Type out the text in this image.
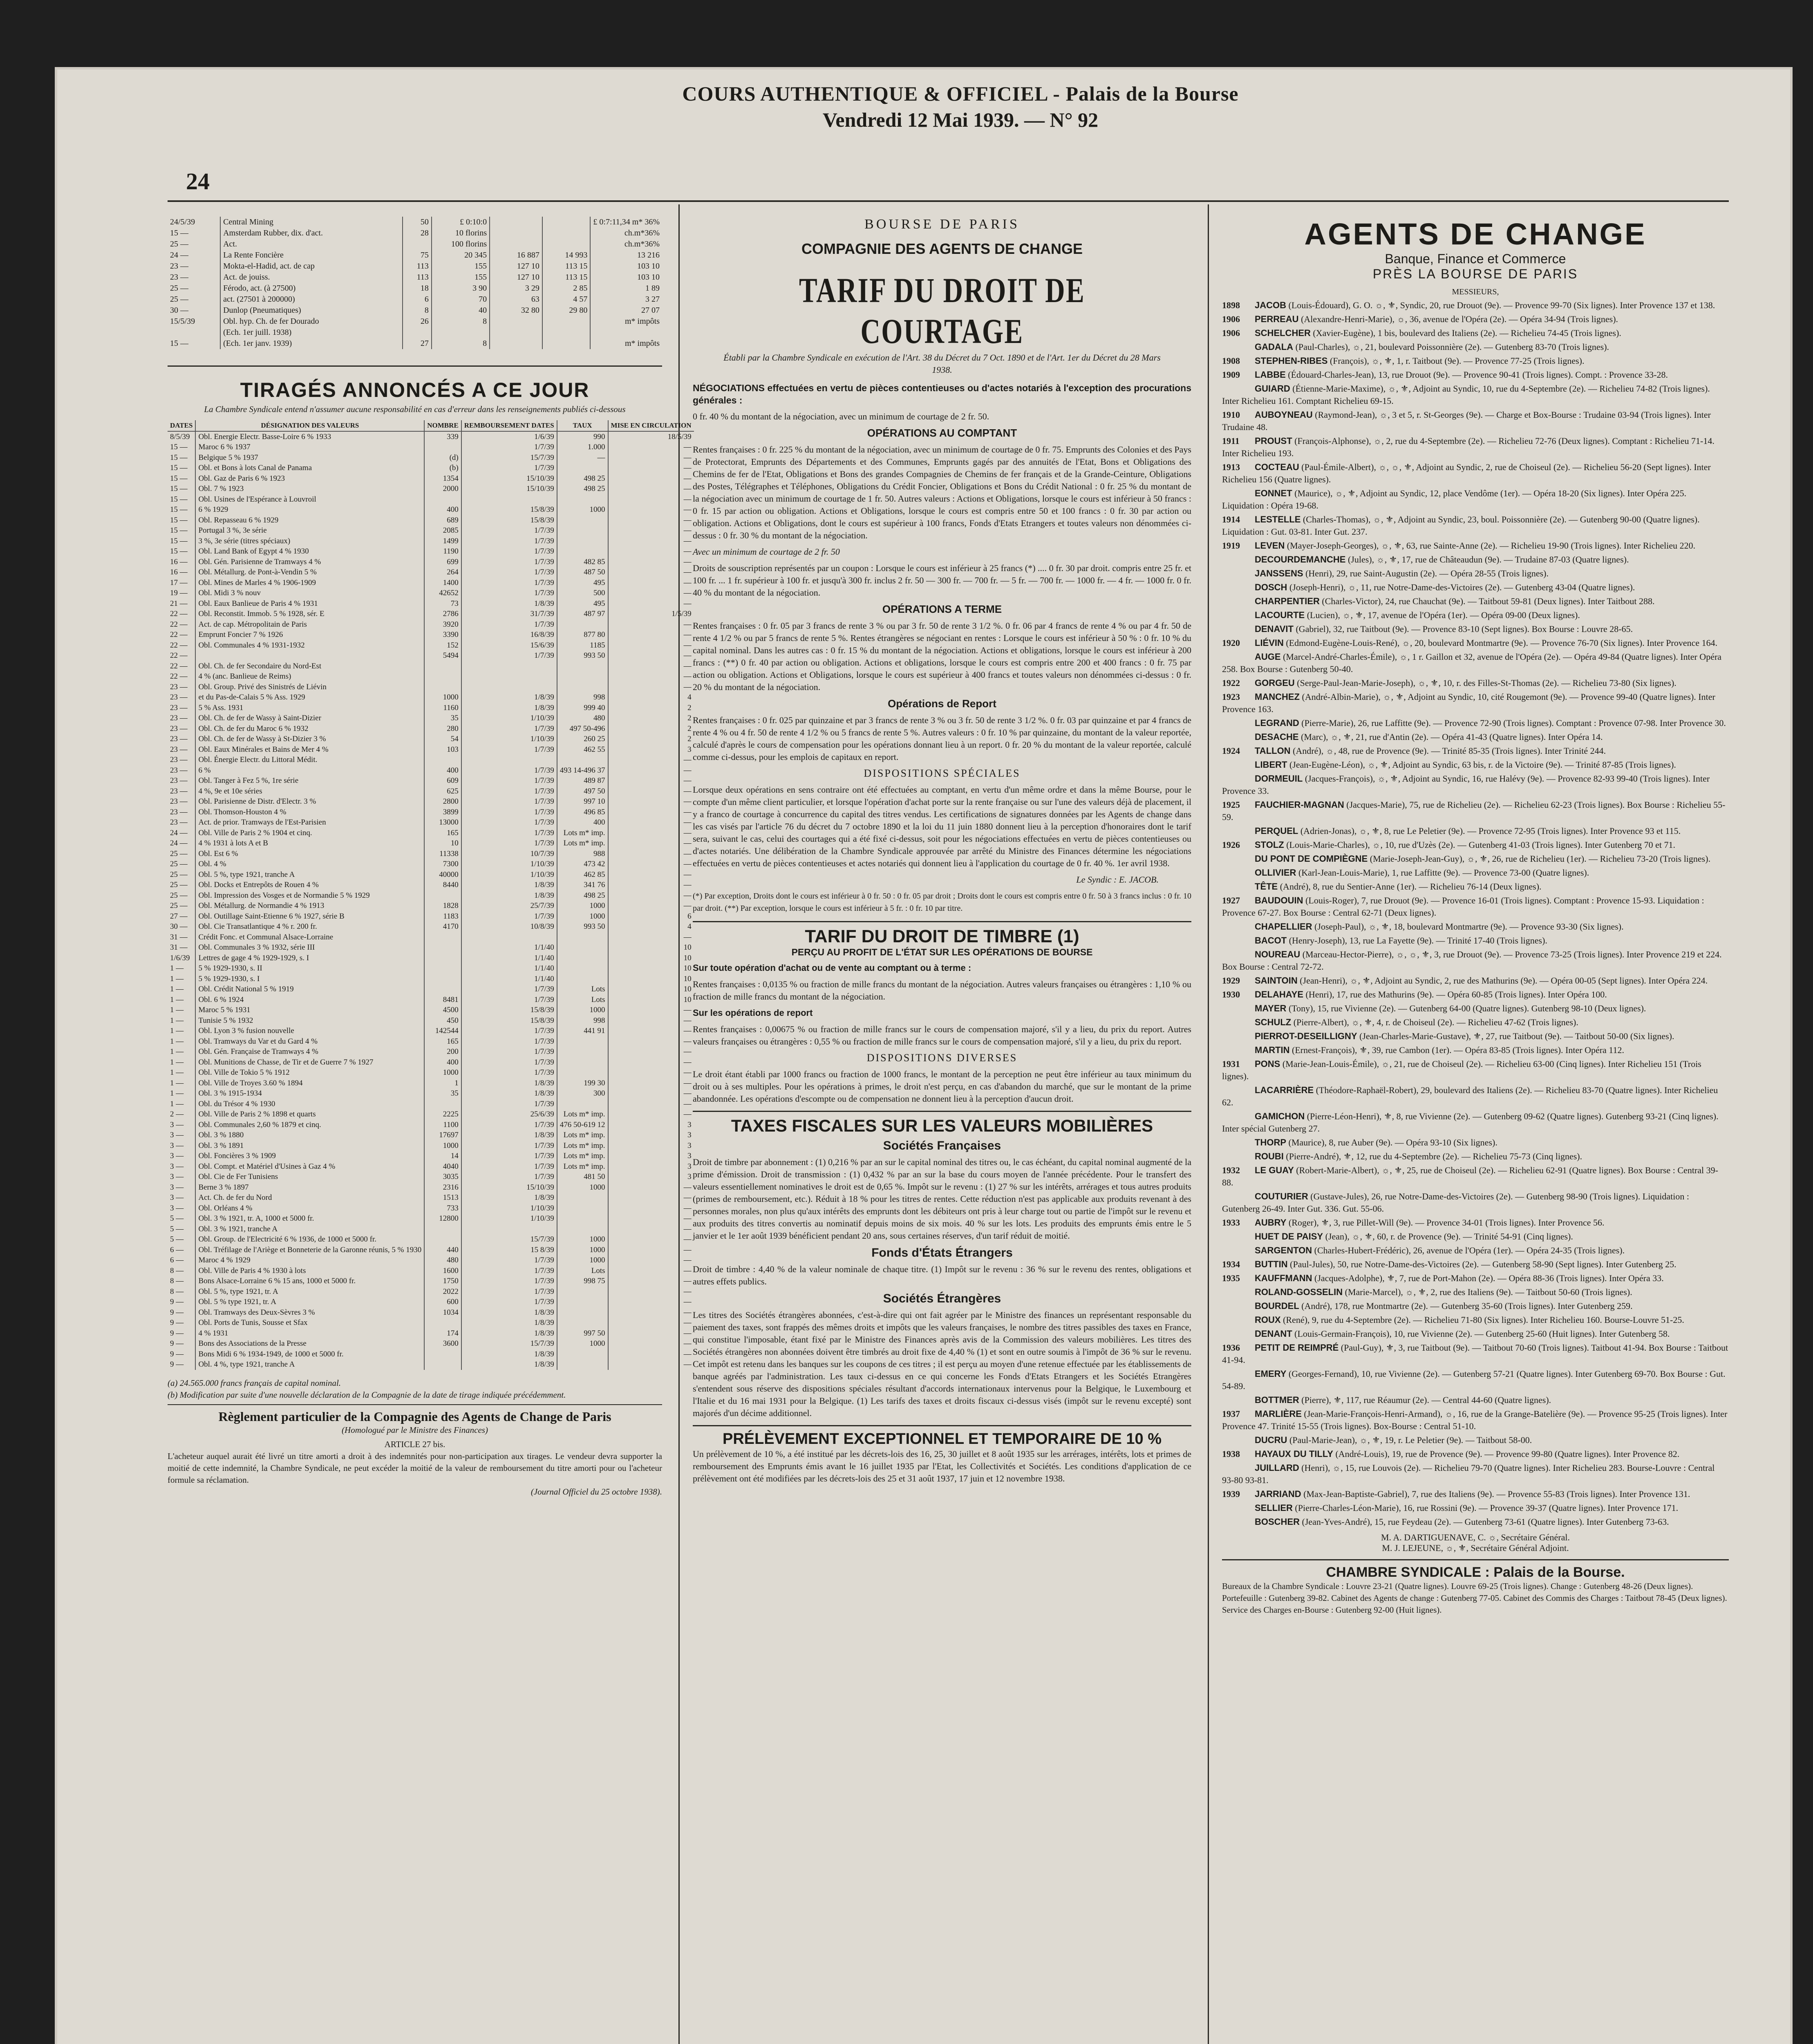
24
COURS AUTHENTIQUE & OFFICIEL - Palais de la Bourse
Vendredi 12 Mai 1939. — N° 92
24/5/39	Central Mining	50	£ 0:10:0			£ 0:7:11,34 m* 36%
15 —	Amsterdam Rubber, dix. d'act.	28	10 florins			ch.m*36%
25 —	Act.		100 florins			ch.m*36%
24 —	La Rente Foncière	75	20 345	16 887	14 993	13 216
23 —	Mokta-el-Hadid, act. de cap	113	155	127 10	113 15	103 10
23 —	Act. de jouiss.	113	155	127 10	113 15	103 10
25 —	Férodo, act. (à 27500)	18	3 90	3 29	2 85	1 89
25 —	act. (27501 à 200000)	6	70	63	4 57	3 27
30 —	Dunlop (Pneumatiques)	8	40	32 80	29 80	27 07

15/5/39	Obl. hyp. Ch. de fer Dourado	26	8			m* impôts
	(Ech. 1er juill. 1938)					
15 —	(Ech. 1er janv. 1939)	27	8			m* impôts
TIRAGÉS ANNONCÉS A CE JOUR
La Chambre Syndicale entend n'assumer aucune responsabilité en cas d'erreur dans les renseignements publiés ci-dessous
DATES	DÉSIGNATION DES VALEURS	NOMBRE	REMBOURSEMENT DATES	TAUX	MISE EN CIRCULATION
8/5/39	Obl. Energie Electr. Basse-Loire 6 % 1933	339	1/6/39	990	18/5/39
15 —	Maroc 6 % 1937		1/7/39	1.000	—
15 —	Belgique 5 % 1937	(d)	15/7/39	—	—
15 —	Obl. et Bons à lots Canal de Panama	(b)	1/7/39		—
15 —	Obl. Gaz de Paris 6 % 1923	1354	15/10/39	498 25	—
15 —	Obl. 7 % 1923	2000	15/10/39	498 25	—
15 —	Obl. Usines de l'Espérance à Louvroil				—
15 —	6 % 1929	400	15/8/39	1000	—
15 —	Obl. Repasseau 6 % 1929	689	15/8/39		—
15 —	Portugal 3 %, 3e série	2085	1/7/39		—
15 —	3 %, 3e série (titres spéciaux)	1499	1/7/39		—
15 —	Obl. Land Bank of Egypt 4 % 1930	1190	1/7/39		—
16 —	Obl. Gén. Parisienne de Tramways 4 %	699	1/7/39	482 85	—
16 —	Obl. Métallurg. de Pont-à-Vendin 5 %	264	1/7/39	487 50	—
17 —	Obl. Mines de Marles 4 % 1906-1909	1400	1/7/39	495	—
19 —	Obl. Midi 3 % nouv	42652	1/7/39	500	—
21 —	Obl. Eaux Banlieue de Paris 4 % 1931	73	1/8/39	495	—
22 —	Obl. Reconstit. Immob. 5 % 1928, sér. E	2786	31/7/39	487 97	1/5/39
22 —	Act. de cap. Métropolitain de Paris	3920	1/7/39		—
22 —	Emprunt Foncier 7 % 1926	3390	16/8/39	877 80	—
22 —	Obl. Communales 4 % 1931-1932	152	15/6/39	1185	—
22 —		5494	1/7/39	993 50	—
22 —	Obl. Ch. de fer Secondaire du Nord-Est				—
22 —	4 % (anc. Banlieue de Reims)				—
23 —	Obl. Group. Privé des Sinistrés de Liévin				—
23 —	et du Pas-de-Calais 5 % Ass. 1929	1000	1/8/39	998	4
23 —	5 % Ass. 1931	1160	1/8/39	999 40	2
23 —	Obl. Ch. de fer de Wassy à Saint-Dizier	35	1/10/39	480	2
23 —	Obl. Ch. de fer du Maroc 6 % 1932	280	1/7/39	497 50-496	2
23 —	Obl. Ch. de fer de Wassy à St-Dizier 3 %	54	1/10/39	260 25	2
23 —	Obl. Eaux Minérales et Bains de Mer 4 %	103	1/7/39	462 55	3
23 —	Obl. Énergie Electr. du Littoral Médit.				—
23 —	6 %	400	1/7/39	493 14-496 37	—
23 —	Obl. Tanger à Fez 5 %, 1re série	609	1/7/39	489 87	—
23 —	4 %, 9e et 10e séries	625	1/7/39	497 50	—
23 —	Obl. Parisienne de Distr. d'Electr. 3 %	2800	1/7/39	997 10	—
23 —	Obl. Thomson-Houston 4 %	3899	1/7/39	496 85	—
23 —	Act. de prior. Tramways de l'Est-Parisien	13000	1/7/39	400	—
24 —	Obl. Ville de Paris 2 % 1904 et cinq.	165	1/7/39	Lots m* imp.	—
24 —	4 % 1931 à lots A et B	10	1/7/39	Lots m* imp.	—
25 —	Obl. Est 6 %	11338	10/7/39	988	—
25 —	Obl. 4 %	7300	1/10/39	473 42	—
25 —	Obl. 5 %, type 1921, tranche A	40000	1/10/39	462 85	—
25 —	Obl. Docks et Entrepôts de Rouen 4 %	8440	1/8/39	341 76	—
25 —	Obl. Impression des Vosges et de Normandie 5 % 1929		1/8/39	498 25	—
25 —	Obl. Métallurg. de Normandie 4 % 1913	1828	25/7/39	1000	—
27 —	Obl. Outillage Saint-Etienne 6 % 1927, série B	1183	1/7/39	1000	6
30 —	Obl. Cie Transatlantique 4 % r. 200 fr.	4170	10/8/39	993 50	4
31 —	Crédit Fonc. et Communal Alsace-Lorraine				—
31 —	Obl. Communales 3 % 1932, série III		1/1/40		10
1/6/39	Lettres de gage 4 % 1929-1929, s. I		1/1/40		10
1 —	5 % 1929-1930, s. II		1/1/40		10
1 —	5 % 1929-1930, s. I		1/1/40		10
1 —	Obl. Crédit National 5 % 1919		1/7/39	Lots	10
1 —	Obl. 6 % 1924	8481	1/7/39	Lots	10
1 —	Maroc 5 % 1931	4500	15/8/39	1000	—
1 —	Tunisie 5 % 1932	450	15/8/39	998	—
1 —	Obl. Lyon 3 % fusion nouvelle	142544	1/7/39	441 91	—
1 —	Obl. Tramways du Var et du Gard 4 %	165	1/7/39		—
1 —	Obl. Gén. Française de Tramways 4 %	200	1/7/39		—
1 —	Obl. Munitions de Chasse, de Tir et de Guerre 7 % 1927	400	1/7/39		—
1 —	Obl. Ville de Tokio 5 % 1912	1000	1/7/39		—
1 —	Obl. Ville de Troyes 3.60 % 1894	1	1/8/39	199 30	—
1 —	Obl. 3 % 1915-1934	35	1/8/39	300	—
1 —	Obl. du Trésor 4 % 1930		1/7/39		—
2 —	Obl. Ville de Paris 2 % 1898 et quarts	2225	25/6/39	Lots m* imp.	—
3 —	Obl. Communales 2,60 % 1879 et cinq.	1100	1/7/39	476 50-619 12	3
3 —	Obl. 3 % 1880	17697	1/8/39	Lots m* imp.	3
3 —	Obl. 3 % 1891	1000	1/7/39	Lots m* imp.	3
3 —	Obl. Foncières 3 % 1909	14	1/7/39	Lots m* imp.	3
3 —	Obl. Compt. et Matériel d'Usines à Gaz 4 %	4040	1/7/39	Lots m* imp.	3
3 —	Obl. Cie de Fer Tunisiens	3035	1/7/39	481 50	3
3 —	Berne 3 % 1897	2316	15/10/39	1000	—
3 —	Act. Ch. de fer du Nord	1513	1/8/39		—
3 —	Obl. Orléans 4 %	733	1/10/39		—
5 —	Obl. 3 % 1921, tr. A, 1000 et 5000 fr.	12800	1/10/39		—
5 —	Obl. 3 % 1921, tranche A				—
5 —	Obl. Group. de l'Electricité 6 % 1936, de 1000 et 5000 fr.		15/7/39	1000	—
6 —	Obl. Tréfilage de l'Ariège et Bonneterie de la Garonne réunis, 5 % 1930	440	15 8/39	1000	—
6 —	Maroc 4 % 1929	480	1/7/39	1000	—
8 —	Obl. Ville de Paris 4 % 1930 à lots	1600	1/7/39	Lots	—
8 —	Bons Alsace-Lorraine 6 % 15 ans, 1000 et 5000 fr.	1750	1/7/39	998 75	—
8 —	Obl. 5 %, type 1921, tr. A	2022	1/7/39		—
9 —	Obl. 5 % type 1921, tr. A	600	1/7/39		—
9 —	Obl. Tramways des Deux-Sèvres 3 %	1034	1/8/39		—
9 —	Obl. Ports de Tunis, Sousse et Sfax		1/8/39		—
9 —	4 % 1931	174	1/8/39	997 50	—
9 —	Bons des Associations de la Presse	3600	15/7/39	1000	—
9 —	Bons Midi 6 % 1934-1949, de 1000 et 5000 fr.		1/8/39		—
9 —	Obl. 4 %, type 1921, tranche A		1/8/39		—
(a) 24.565.000 francs français de capital nominal.
(b) Modification par suite d'une nouvelle déclaration de la Compagnie de la date de tirage indiquée précédemment.
Règlement particulier de la Compagnie des Agents de Change de Paris
(Homologué par le Ministre des Finances)
ARTICLE 27 bis.
L'acheteur auquel aurait été livré un titre amorti a droit à des indemnités pour non-participation aux tirages. Le vendeur devra supporter la moitié de cette indemnité, la Chambre Syndicale, ne peut excéder la moitié de la valeur de remboursement du titre amorti pour ou l'acheteur formule sa réclamation.
(Journal Officiel du 25 octobre 1938).
BOURSE DE PARIS
COMPAGNIE DES AGENTS DE CHANGE
TARIF DU DROIT DE COURTAGE
Établi par la Chambre Syndicale en exécution de l'Art. 38 du Décret du 7 Oct. 1890 et de l'Art. 1er du Décret du 28 Mars 1938.

NÉGOCIATIONS effectuées en vertu de pièces contentieuses ou d'actes notariés à l'exception des procurations générales :

0 fr. 40 % du montant de la négociation, avec un minimum de courtage de 2 fr. 50.

OPÉRATIONS AU COMPTANT

Rentes françaises : 0 fr. 225 % du montant de la négociation, avec un minimum de courtage de 0 fr. 75. Emprunts des Colonies et des Pays de Protectorat, Emprunts des Départements et des Communes, Emprunts gagés par des annuités de l'Etat, Bons et Obligations des Chemins de fer de l'Etat, Obligations et Bons des grandes Compagnies de Chemins de fer français et de la Grande-Ceinture, Obligations des Postes, Télégraphes et Téléphones, Obligations du Crédit Foncier, Obligations et Bons du Crédit National : 0 fr. 25 % du montant de la négociation avec un minimum de courtage de 1 fr. 50. Autres valeurs : Actions et Obligations, lorsque le cours est inférieur à 50 francs : 0 fr. 15 par action ou obligation. Actions et Obligations, lorsque le cours est compris entre 50 et 100 francs : 0 fr. 30 par action ou obligation. Actions et Obligations, dont le cours est supérieur à 100 francs, Fonds d'Etats Etrangers et toutes valeurs non dénommées ci-dessus : 0 fr. 30 % du montant de la négociation.

Avec un minimum de courtage de 2 fr. 50

Droits de souscription représentés par un coupon : Lorsque le cours est inférieur à 25 francs (*) .... 0 fr. 30 par droit. compris entre 25 fr. et 100 fr. ... 1 fr. supérieur à 100 fr. et jusqu'à 300 fr. inclus 2 fr. 50 — 300 fr. — 700 fr. — 5 fr. — 700 fr. — 1000 fr. — 4 fr. — 1000 fr. 0 fr. 40 % du montant de la négociation.

OPÉRATIONS A TERME

Rentes françaises : 0 fr. 05 par 3 francs de rente 3 % ou par 3 fr. 50 de rente 3 1/2 %. 0 fr. 06 par 4 francs de rente 4 % ou par 4 fr. 50 de rente 4 1/2 % ou par 5 francs de rente 5 %. Rentes étrangères se négociant en rentes : Lorsque le cours est inférieur à 50 % : 0 fr. 10 % du capital nominal. Dans les autres cas : 0 fr. 15 % du montant de la négociation. Actions et obligations, lorsque le cours est inférieur à 200 francs : (**) 0 fr. 40 par action ou obligation. Actions et obligations, lorsque le cours est compris entre 200 et 400 francs : 0 fr. 75 par action ou obligation. Actions et Obligations, lorsque le cours est supérieur à 400 francs et toutes valeurs non dénommées ci-dessus : 0 fr. 20 % du montant de la négociation.

Opérations de Report

Rentes françaises : 0 fr. 025 par quinzaine et par 3 francs de rente 3 % ou 3 fr. 50 de rente 3 1/2 %. 0 fr. 03 par quinzaine et par 4 francs de rente 4 % ou 4 fr. 50 de rente 4 1/2 % ou 5 francs de rente 5 %. Autres valeurs : 0 fr. 10 % par quinzaine, du montant de la valeur reportée, calculé d'après le cours de compensation pour les opérations donnant lieu à un report. 0 fr. 20 % du montant de la valeur reportée, calculé comme ci-dessus, pour les emplois de capitaux en report.

DISPOSITIONS SPÉCIALES

Lorsque deux opérations en sens contraire ont été effectuées au comptant, en vertu d'un même ordre et dans la même Bourse, pour le compte d'un même client particulier, et lorsque l'opération d'achat porte sur la rente française ou sur l'une des valeurs déjà de placement, il y a franco de courtage à concurrence du capital des titres vendus. Les certifications de signatures données par les Agents de change dans les cas visés par l'article 76 du décret du 7 octobre 1890 et la loi du 11 juin 1880 donnent lieu à la perception d'honoraires dont le tarif sera, suivant le cas, celui des courtages qui a été fixé ci-dessus, soit pour les négociations effectuées en vertu de pièces contentieuses ou d'actes notariés. Une délibération de la Chambre Syndicale approuvée par arrêté du Ministre des Finances détermine les négociations effectuées en vertu de pièces contentieuses et actes notariés qui donnent lieu à l'application du courtage de 0 fr. 40 %. 1er avril 1938.

Le Syndic : E. JACOB.

(*) Par exception, Droits dont le cours est inférieur à 0 fr. 50 : 0 fr. 05 par droit ; Droits dont le cours est compris entre 0 fr. 50 à 3 francs inclus : 0 fr. 10 par droit. (**) Par exception, lorsque le cours est inférieur à 5 fr. : 0 fr. 10 par titre.

TARIF DU DROIT DE TIMBRE (1)
PERÇU AU PROFIT DE L'ÉTAT SUR LES OPÉRATIONS DE BOURSE

Sur toute opération d'achat ou de vente au comptant ou à terme :

Rentes françaises : 0,0135 % ou fraction de mille francs du montant de la négociation. Autres valeurs françaises ou étrangères : 1,10 % ou fraction de mille francs du montant de la négociation.

Sur les opérations de report

Rentes françaises : 0,00675 % ou fraction de mille francs sur le cours de compensation majoré, s'il y a lieu, du prix du report. Autres valeurs françaises ou étrangères : 0,55 % ou fraction de mille francs sur le cours de compensation majoré, s'il y a lieu, du prix du report.

DISPOSITIONS DIVERSES

Le droit étant établi par 1000 francs ou fraction de 1000 francs, le montant de la perception ne peut être inférieur au taux minimum du droit ou à ses multiples. Pour les opérations à primes, le droit n'est perçu, en cas d'abandon du marché, que sur le montant de la prime abandonnée. Les opérations d'escompte ou de compensation ne donnent lieu à la perception d'aucun droit.

TAXES FISCALES SUR LES VALEURS MOBILIÈRES
Sociétés Françaises

Droit de timbre par abonnement : (1) 0,216 % par an sur le capital nominal des titres ou, le cas échéant, du capital nominal augmenté de la prime d'émission. Droit de transmission : (1) 0,432 % par an sur la base du cours moyen de l'année précédente. Pour le transfert des valeurs essentiellement nominatives le droit est de 0,65 %. Impôt sur le revenu : (1) 27 % sur les intérêts, arrérages et tous autres produits (primes de remboursement, etc.). Réduit à 18 % pour les titres de rentes. Cette réduction n'est pas applicable aux produits revenant à des personnes morales, non plus qu'aux intérêts des emprunts dont les débiteurs ont pris à leur charge tout ou partie de l'impôt sur le revenu et aux produits des titres convertis au nominatif depuis moins de six mois. 40 % sur les lots. Les produits des emprunts émis entre le 5 janvier et le 1er août 1939 bénéficient pendant 20 ans, sous certaines réserves, d'un tarif réduit de moitié.

Fonds d'États Étrangers

Droit de timbre : 4,40 % de la valeur nominale de chaque titre. (1) Impôt sur le revenu : 36 % sur le revenu des rentes, obligations et autres effets publics.

Sociétés Étrangères

Les titres des Sociétés étrangères abonnées, c'est-à-dire qui ont fait agréer par le Ministre des finances un représentant responsable du paiement des taxes, sont frappés des mêmes droits et impôts que les valeurs françaises, le nombre des titres passibles des taxes en France, qui constitue l'imposable, étant fixé par le Ministre des Finances après avis de la Commission des valeurs mobilières. Les titres des Sociétés étrangères non abonnées doivent être timbrés au droit fixe de 4,40 % (1) et sont en outre soumis à l'impôt de 36 % sur le revenu. Cet impôt est retenu dans les banques sur les coupons de ces titres ; il est perçu au moyen d'une retenue effectuée par les établissements de banque agréés par l'administration. Les taux ci-dessus en ce qui concerne les Fonds d'Etats Etrangers et les Sociétés Etrangères s'entendent sous réserve des dispositions spéciales résultant d'accords internationaux intervenus pour la Belgique, le Luxembourg et l'Italie et du 16 mai 1931 pour la Belgique. (1) Les tarifs des taxes et droits fiscaux ci-dessus visés (impôt sur le revenu excepté) sont majorés d'un décime additionnel.

PRÉLÈVEMENT EXCEPTIONNEL ET TEMPORAIRE DE 10 %

Un prélèvement de 10 %, a été institué par les décrets-lois des 16, 25, 30 juillet et 8 août 1935 sur les arrérages, intérêts, lots et primes de remboursement des Emprunts émis avant le 16 juillet 1935 par l'Etat, les Collectivités et Sociétés. Les conditions d'application de ce prélèvement ont été modifiées par les décrets-lois des 25 et 31 août 1937, 17 juin et 12 novembre 1938.

AGENTS DE CHANGE
Banque, Finance et Commerce
PRÈS LA BOURSE DE PARIS
MESSIEURS,
1898 JACOB (Louis-Édouard), G. O. ☼, ⚜, Syndic, 20, rue Drouot (9e). — Provence 99-70 (Six lignes). Inter Provence 137 et 138.
1906 PERREAU (Alexandre-Henri-Marie), ☼, 36, avenue de l'Opéra (2e). — Opéra 34-94 (Trois lignes).
1906 SCHELCHER (Xavier-Eugène), 1 bis, boulevard des Italiens (2e). — Richelieu 74-45 (Trois lignes).
GADALA (Paul-Charles), ☼, 21, boulevard Poissonnière (2e). — Gutenberg 83-70 (Trois lignes).
1908 STEPHEN-RIBES (François), ☼, ⚜, 1, r. Taitbout (9e). — Provence 77-25 (Trois lignes).
1909 LABBE (Édouard-Charles-Jean), 13, rue Drouot (9e). — Provence 90-41 (Trois lignes). Compt. : Provence 33-28.
GUIARD (Étienne-Marie-Maxime), ☼, ⚜, Adjoint au Syndic, 10, rue du 4-Septembre (2e). — Richelieu 74-82 (Trois lignes). Inter Richelieu 161. Comptant Richelieu 69-15.
1910 AUBOYNEAU (Raymond-Jean), ☼, 3 et 5, r. St-Georges (9e). — Charge et Box-Bourse : Trudaine 03-94 (Trois lignes). Inter Trudaine 48.
1911 PROUST (François-Alphonse), ☼, 2, rue du 4-Septembre (2e). — Richelieu 72-76 (Deux lignes). Comptant : Richelieu 71-14. Inter Richelieu 193.
1913 COCTEAU (Paul-Émile-Albert), ☼, ☼, ⚜, Adjoint au Syndic, 2, rue de Choiseul (2e). — Richelieu 56-20 (Sept lignes). Inter Richelieu 156 (Quatre lignes).
EONNET (Maurice), ☼, ⚜, Adjoint au Syndic, 12, place Vendôme (1er). — Opéra 18-20 (Six lignes). Inter Opéra 225. Liquidation : Opéra 19-68.
1914 LESTELLE (Charles-Thomas), ☼, ⚜, Adjoint au Syndic, 23, boul. Poissonnière (2e). — Gutenberg 90-00 (Quatre lignes). Liquidation : Gut. 03-81. Inter Gut. 237.
1919 LEVEN (Mayer-Joseph-Georges), ☼, ⚜, 63, rue Sainte-Anne (2e). — Richelieu 19-90 (Trois lignes). Inter Richelieu 220.
DECOURDEMANCHE (Jules), ☼, ⚜, 17, rue de Châteaudun (9e). — Trudaine 87-03 (Quatre lignes).
JANSSENS (Henri), 29, rue Saint-Augustin (2e). — Opéra 28-55 (Trois lignes).
DOSCH (Joseph-Henri), ☼, 11, rue Notre-Dame-des-Victoires (2e). — Gutenberg 43-04 (Quatre lignes).
CHARPENTIER (Charles-Victor), 24, rue Chauchat (9e). — Taitbout 59-81 (Deux lignes). Inter Taitbout 288.
LACOURTE (Lucien), ☼, ⚜, 17, avenue de l'Opéra (1er). — Opéra 09-00 (Deux lignes).
DENAVIT (Gabriel), 32, rue Taitbout (9e). — Provence 83-10 (Sept lignes). Box Bourse : Louvre 28-65.
1920 LIÉVIN (Edmond-Eugène-Louis-René), ☼, 20, boulevard Montmartre (9e). — Provence 76-70 (Six lignes). Inter Provence 164.
AUGE (Marcel-André-Charles-Émile), ☼, 1 r. Gaillon et 32, avenue de l'Opéra (2e). — Opéra 49-84 (Quatre lignes). Inter Opéra 258. Box Bourse : Gutenberg 50-40.
1922 GORGEU (Serge-Paul-Jean-Marie-Joseph), ☼, ⚜, 10, r. des Filles-St-Thomas (2e). — Richelieu 73-80 (Six lignes).
1923 MANCHEZ (André-Albin-Marie), ☼, ⚜, Adjoint au Syndic, 10, cité Rougemont (9e). — Provence 99-40 (Quatre lignes). Inter Provence 163.
LEGRAND (Pierre-Marie), 26, rue Laffitte (9e). — Provence 72-90 (Trois lignes). Comptant : Provence 07-98. Inter Provence 30.
DESACHE (Marc), ☼, ⚜, 21, rue d'Antin (2e). — Opéra 41-43 (Quatre lignes). Inter Opéra 14.
1924 TALLON (André), ☼, 48, rue de Provence (9e). — Trinité 85-35 (Trois lignes). Inter Trinité 244.
LIBERT (Jean-Eugène-Léon), ☼, ⚜, Adjoint au Syndic, 63 bis, r. de la Victoire (9e). — Trinité 87-85 (Trois lignes).
DORMEUIL (Jacques-François), ☼, ⚜, Adjoint au Syndic, 16, rue Halévy (9e). — Provence 82-93 99-40 (Trois lignes). Inter Provence 33.
1925 FAUCHIER-MAGNAN (Jacques-Marie), 75, rue de Richelieu (2e). — Richelieu 62-23 (Trois lignes). Box Bourse : Richelieu 55-59.
PERQUEL (Adrien-Jonas), ☼, ⚜, 8, rue Le Peletier (9e). — Provence 72-95 (Trois lignes). Inter Provence 93 et 115.
1926 STOLZ (Louis-Marie-Charles), ☼, 10, rue d'Uzès (2e). — Gutenberg 41-03 (Trois lignes). Inter Gutenberg 70 et 71.
DU PONT DE COMPIÈGNE (Marie-Joseph-Jean-Guy), ☼, ⚜, 26, rue de Richelieu (1er). — Richelieu 73-20 (Trois lignes).
OLLIVIER (Karl-Jean-Louis-Marie), 1, rue Laffitte (9e). — Provence 73-00 (Quatre lignes).
TÊTE (André), 8, rue du Sentier-Anne (1er). — Richelieu 76-14 (Deux lignes).
1927 BAUDOUIN (Louis-Roger), 7, rue Drouot (9e). — Provence 16-01 (Trois lignes). Comptant : Provence 15-93. Liquidation : Provence 67-27. Box Bourse : Central 62-71 (Deux lignes).
CHAPELLIER (Joseph-Paul), ☼, ⚜, 18, boulevard Montmartre (9e). — Provence 93-30 (Six lignes).
BACOT (Henry-Joseph), 13, rue La Fayette (9e). — Trinité 17-40 (Trois lignes).
NOUREAU (Marceau-Hector-Pierre), ☼, ☼, ⚜, 3, rue Drouot (9e). — Provence 73-25 (Trois lignes). Inter Provence 219 et 224. Box Bourse : Central 72-72.
1929 SAINTOIN (Jean-Henri), ☼, ⚜, Adjoint au Syndic, 2, rue des Mathurins (9e). — Opéra 00-05 (Sept lignes). Inter Opéra 224.
1930 DELAHAYE (Henri), 17, rue des Mathurins (9e). — Opéra 60-85 (Trois lignes). Inter Opéra 100.
MAYER (Tony), 15, rue Vivienne (2e). — Gutenberg 64-00 (Quatre lignes). Gutenberg 98-10 (Deux lignes).
SCHULZ (Pierre-Albert), ☼, ⚜, 4, r. de Choiseul (2e). — Richelieu 47-62 (Trois lignes).
PIERROT-DESEILLIGNY (Jean-Charles-Marie-Gustave), ⚜, 27, rue Taitbout (9e). — Taitbout 50-00 (Six lignes).
MARTIN (Ernest-François), ⚜, 39, rue Cambon (1er). — Opéra 83-85 (Trois lignes). Inter Opéra 112.
1931 PONS (Marie-Jean-Louis-Émile), ☼, 21, rue de Choiseul (2e). — Richelieu 63-00 (Cinq lignes). Inter Richelieu 151 (Trois lignes).
LACARRIÈRE (Théodore-Raphaël-Robert), 29, boulevard des Italiens (2e). — Richelieu 83-70 (Quatre lignes). Inter Richelieu 62.
GAMICHON (Pierre-Léon-Henri), ⚜, 8, rue Vivienne (2e). — Gutenberg 09-62 (Quatre lignes). Gutenberg 93-21 (Cinq lignes). Inter spécial Gutenberg 27.
THORP (Maurice), 8, rue Auber (9e). — Opéra 93-10 (Six lignes).
ROUBI (Pierre-André), ⚜, 12, rue du 4-Septembre (2e). — Richelieu 75-73 (Cinq lignes).
1932 LE GUAY (Robert-Marie-Albert), ☼, ⚜, 25, rue de Choiseul (2e). — Richelieu 62-91 (Quatre lignes). Box Bourse : Central 39-88.
COUTURIER (Gustave-Jules), 26, rue Notre-Dame-des-Victoires (2e). — Gutenberg 98-90 (Trois lignes). Liquidation : Gutenberg 26-49. Inter Gut. 336. Gut. 55-06.
1933 AUBRY (Roger), ⚜, 3, rue Pillet-Will (9e). — Provence 34-01 (Trois lignes). Inter Provence 56.
HUET DE PAISY (Jean), ☼, ⚜, 60, r. de Provence (9e). — Trinité 54-91 (Cinq lignes).
SARGENTON (Charles-Hubert-Frédéric), 26, avenue de l'Opéra (1er). — Opéra 24-35 (Trois lignes).
1934 BUTTIN (Paul-Jules), 50, rue Notre-Dame-des-Victoires (2e). — Gutenberg 58-90 (Sept lignes). Inter Gutenberg 25.
1935 KAUFFMANN (Jacques-Adolphe), ⚜, 7, rue de Port-Mahon (2e). — Opéra 88-36 (Trois lignes). Inter Opéra 33.
ROLAND-GOSSELIN (Marie-Marcel), ☼, ⚜, 2, rue des Italiens (9e). — Taitbout 50-60 (Trois lignes).
BOURDEL (André), 178, rue Montmartre (2e). — Gutenberg 35-60 (Trois lignes). Inter Gutenberg 259.
ROUX (René), 9, rue du 4-Septembre (2e). — Richelieu 71-80 (Six lignes). Inter Richelieu 160. Bourse-Louvre 51-25.
DENANT (Louis-Germain-François), 10, rue Vivienne (2e). — Gutenberg 25-60 (Huit lignes). Inter Gutenberg 58.
1936 PETIT DE REIMPRÉ (Paul-Guy), ⚜, 3, rue Taitbout (9e). — Taitbout 70-60 (Trois lignes). Taitbout 41-94. Box Bourse : Taitbout 41-94.
EMERY (Georges-Fernand), 10, rue Vivienne (2e). — Gutenberg 57-21 (Quatre lignes). Inter Gutenberg 69-70. Box Bourse : Gut. 54-89.
BOTTMER (Pierre), ⚜, 117, rue Réaumur (2e). — Central 44-60 (Quatre lignes).
1937 MARLIÈRE (Jean-Marie-François-Henri-Armand), ☼, 16, rue de la Grange-Batelière (9e). — Provence 95-25 (Trois lignes). Inter Provence 47. Trinité 15-55 (Trois lignes). Box-Bourse : Central 51-10.
DUCRU (Paul-Marie-Jean), ☼, ⚜, 19, r. Le Peletier (9e). — Taitbout 58-00.
1938 HAYAUX DU TILLY (André-Louis), 19, rue de Provence (9e). — Provence 99-80 (Quatre lignes). Inter Provence 82.
JUILLARD (Henri), ☼, 15, rue Louvois (2e). — Richelieu 79-70 (Quatre lignes). Inter Richelieu 283. Bourse-Louvre : Central 93-80 93-81.
1939 JARRIAND (Max-Jean-Baptiste-Gabriel), 7, rue des Italiens (9e). — Provence 55-83 (Trois lignes). Inter Provence 131.
SELLIER (Pierre-Charles-Léon-Marie), 16, rue Rossini (9e). — Provence 39-37 (Quatre lignes). Inter Provence 171.
BOSCHER (Jean-Yves-André), 15, rue Feydeau (2e). — Gutenberg 73-61 (Quatre lignes). Inter Gutenberg 73-63.
M. A. DARTIGUENAVE, C. ☼, Secrétaire Général.
M. J. LEJEUNE, ☼, ⚜, Secrétaire Général Adjoint.
CHAMBRE SYNDICALE : Palais de la Bourse.
Bureaux de la Chambre Syndicale : Louvre 23-21 (Quatre lignes). Louvre 69-25 (Trois lignes). Change : Gutenberg 48-26 (Deux lignes). Portefeuille : Gutenberg 39-82. Cabinet des Agents de change : Gutenberg 77-05. Cabinet des Commis des Charges : Taitbout 78-45 (Deux lignes). Service des Charges en-Bourse : Gutenberg 92-00 (Huit lignes).
